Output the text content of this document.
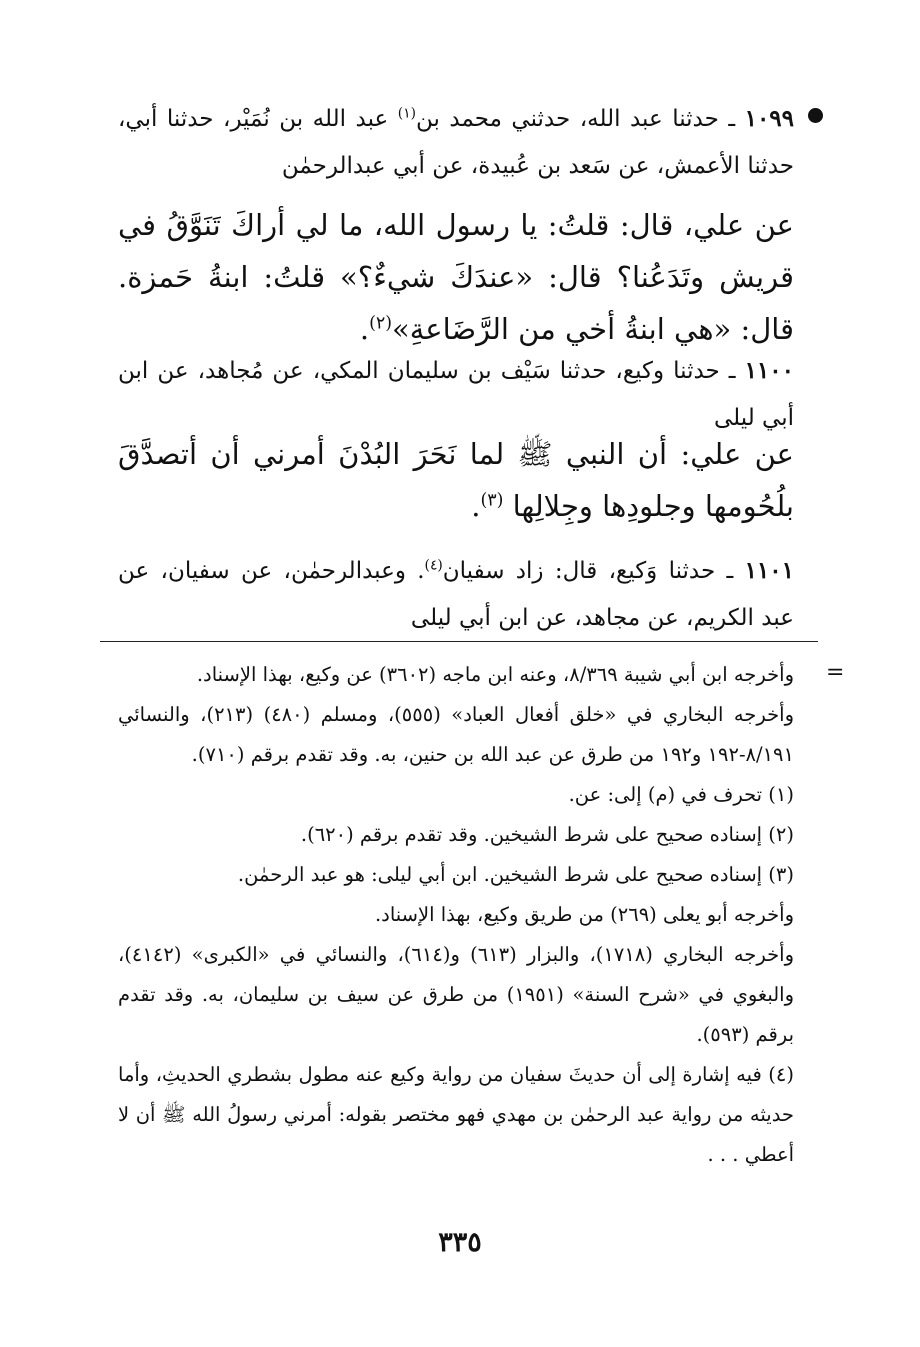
١٠٩٩ ـ حدثنا عبد الله، حدثني محمد بن$^{(١)}$ عبد الله بن نُمَيْر، حدثنا أبي، حدثنا الأعمش، عن سَعد بن عُبيدة، عن أبي عبدالرحمٰن
عن علي، قال: قلتُ: يا رسول الله، ما لي أراكَ تَنَوَّقُ في قريش وتَدَعُنا؟ قال: «عندَكَ شيءٌ؟» قلتُ: ابنةُ حَمزة. قال: «هي ابنةُ أخي من الرَّضَاعةِ»$^{(٢)}$.
١١٠٠ ـ حدثنا وكيع، حدثنا سَيْف بن سليمان المكي، عن مُجاهد، عن ابن أبي ليلى
عن علي: أن النبي ﷺ لما نَحَرَ البُدْنَ أمرني أن أتصدَّقَ بلُحُومها وجلودِها وجِلالِها $^{(٣)}$.
١١٠١ ـ حدثنا وَكيع، قال: زاد سفيان$^{(٤)}$. وعبدالرحمٰن، عن سفيان، عن عبد الكريم، عن مجاهد، عن ابن أبي ليلى
=
وأخرجه ابن أبي شيبة ٨/٣٦٩، وعنه ابن ماجه (٣٦٠٢) عن وكيع، بهذا الإسناد.
وأخرجه البخاري في «خلق أفعال العباد» (٥٥٥)، ومسلم (٤٨٠) (٢١٣)، والنسائي ٨/١٩١-١٩٢ و١٩٢ من طرق عن عبد الله بن حنين، به. وقد تقدم برقم (٧١٠).
(١) تحرف في (م) إلى: عن.
(٢) إسناده صحيح على شرط الشيخين. وقد تقدم برقم (٦٢٠).
(٣) إسناده صحيح على شرط الشيخين. ابن أبي ليلى: هو عبد الرحمٰن.
وأخرجه أبو يعلى (٢٦٩) من طريق وكيع، بهذا الإسناد.
وأخرجه البخاري (١٧١٨)، والبزار (٦١٣) و(٦١٤)، والنسائي في «الكبرى» (٤١٤٢)، والبغوي في «شرح السنة» (١٩٥١) من طرق عن سيف بن سليمان، به. وقد تقدم برقم (٥٩٣).
(٤) فيه إشارة إلى أن حديثَ سفيان من رواية وكيع عنه مطول بشطري الحديثِ، وأما حديثه من رواية عبد الرحمٰن بن مهدي فهو مختصر بقوله: أمرني رسولُ الله ﷺ أن لا أعطي . . .
٣٣٥
